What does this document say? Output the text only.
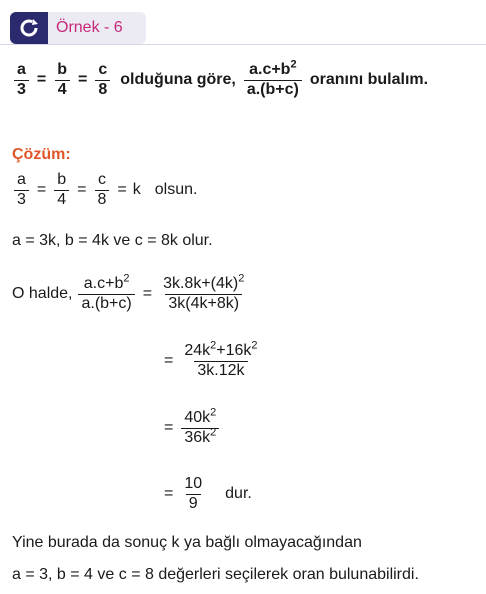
Örnek - 6
$\frac{a}{3} = \frac{b}{4} = \frac{c}{8}$ olduğuna göre, $\frac{a.c+b^2}{a.(b+c)}$ oranını bulalım.
Çözüm:
$\frac{a}{3} = \frac{b}{4} = \frac{c}{8} = k$ olsun.
a = 3k, b = 4k ve c = 8k olur.
O halde, $\frac{a.c+b^2}{a.(b+c)} = \frac{3k.8k+(4k)^2}{3k(4k+8k)}$
= $\frac{24k^2+16k^2}{3k.12k}$
= $\frac{40k^2}{36k^2}$
= $\frac{10}{9}$ dur.
Yine burada da sonuç k ya bağlı olmayacağından
a = 3, b = 4 ve c = 8 değerleri seçilerek oran bulunabilirdi.
